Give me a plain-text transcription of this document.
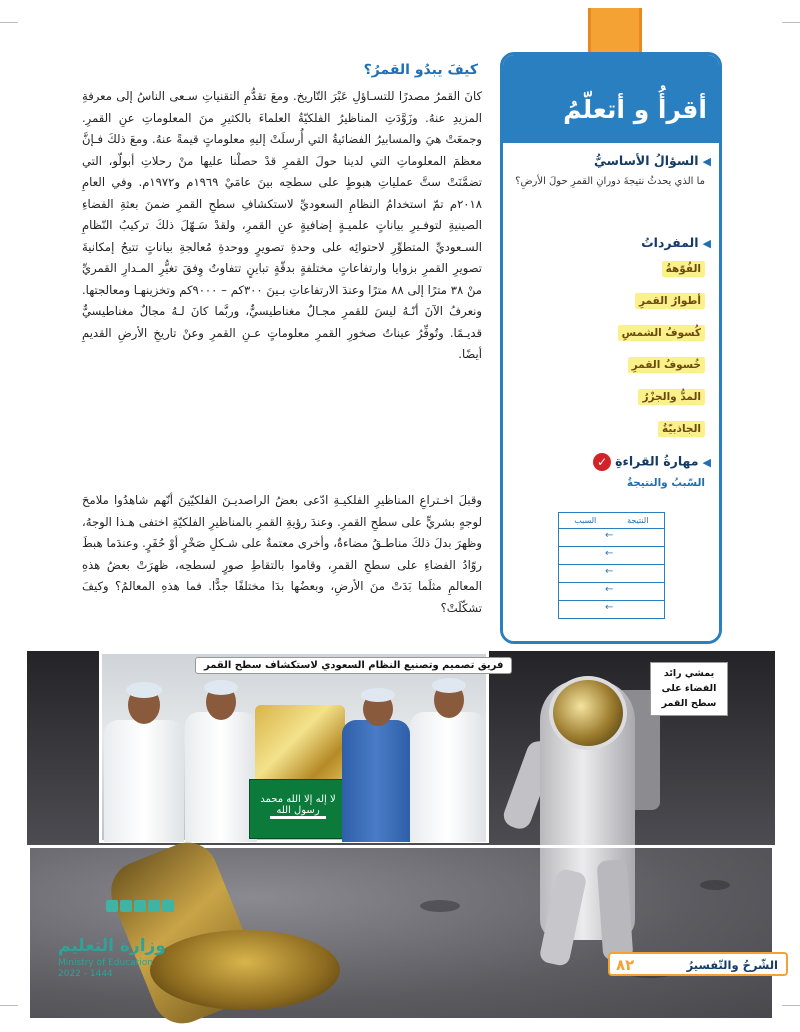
يمشي رائد الفضاء على سطح القمر
لا إله إلا الله محمد رسول الله
فريق تصميم وتصنيع النظام السعودي لاستكشاف سطح القمر
وزارة التعليم
Ministry of Education
2022 - 1444
الشّرحُ والتّفسيرُ
٨٢
أقرأُ و أتعلّمُ
◀السؤالُ الأساسيُّ
ما الذي يحدثُ نتيجةَ دورانِ القمرِ حولَ الأرضِ؟
◀المفرداتُ
الفُوّهةُ
أطوارُ القمرِ
كُسوفُ الشمسِ
خُسوفُ القمرِ
المدُّ والجزْرُ
الجاذبيّةُ
◀مهارةُ القراءةِ✓
السّببُ والنتيجةُ
النتيجة
السبب
←
←
←
←
←
كيفَ يبدُو القمرُ؟
كانَ القمرُ مصدرًا للتسـاؤلِ عَبْرَ التّاريخ. ومعَ تقدُّمِ التقنياتِ سـعى الناسُ إلى معرفةِ المزيدِ عنهُ. وزَوَّدَتِ المناظيرُ الفلكيّةُ العلماءَ بالكثيرِ منَ المعلوماتِ عنِ القمرِ. وجمعَتْ هيَ والمسابيرُ الفضائيةُ التي أُرسلَتْ إليهِ معلوماتٍ قيمةً عنهُ. ومعَ ذلكَ فـإنَّ معظمَ المعلوماتِ التي لدينا حولَ القمرِ قدْ حصلْنا عليها منْ رحلاتِ أبولّو، التي تضمَّنَتْ ستَّ عملياتِ هبوطٍ على سطحِه بينَ عامَيْ ١٩٦٩م و١٩٧٢م. وفي العامِ ٢٠١٨م تمّ استخدامُ النظامِ السعوديِّ لاستكشافِ سطحِ القمرِ ضمنَ بعثةِ الفضاءِ الصينيةِ لتوفـيرِ بياناتٍ علميـةٍ إضافيةٍ عنِ القمرِ، ولقدْ سَـهّلَ ذلكَ تركيبُ النّظامِ السـعوديِّ المتطوِّرِ لاحتوائِه على وحدةِ تصويرٍ ووحدةِ مُعالجةِ بياناتٍ تتيحُ إمكانيةَ تصويرِ القمرِ بزوايا وارتفاعاتٍ مختلفةٍ بدقّةٍ تباينٍ تتفاوتُ وِفقَ تغيُّرِ المـدارِ القمريِّ منْ ٣٨ مترًا إلى ٨٨ مترًا وعندَ الارتفاعاتِ بـينَ ٣٠٠كم – ٩٠٠٠كم وتخزينهـا ومعالجتها. ونعرفُ الآنَ أنّـهُ ليسَ للقمرِ مجـالٌ مغناطيسيٌّ، وربَّما كانَ لـهُ مجالٌ مغناطيسيٌّ قديـمًا. وتُوفِّرُ عيناتُ صخورِ القمرِ معلوماتٍ عـنِ القمرِ وعنْ تاريخِ الأرضِ القديمِ أيضًا.
وقبلَ اخـتراعِ المناظيرِ الفلكيـةِ ادّعى بعضُ الراصديـنَ الفلكيّينَ أنّهم شاهدُوا ملامحَ لوجهٍ بشريٍّ على سطحِ القمرِ. وعندَ رؤيةِ القمرِ بالمناظيرِ الفلكيّةِ اختفى هـذا الوجهُ، وظهرَ بدلَ ذلكَ مناطـقُ مضاءةٌ، وأخرى معتمةٌ على شـكلِ صَخْرٍ أوْ حُفَرٍ. وعندَما هبطَ روّادُ الفضاءِ على سطحِ القمرِ، وقاموا بالتقاطِ صورٍ لسطحِه، ظهرَتْ بعضُ هذهِ المعالمِ مثلَما بَدَتْ منَ الأرضِ، وبعضُها بدَا مختلفًا جدًّا. فما هذهِ المعالمُ؟ وكيفَ تشكّلَتْ؟
